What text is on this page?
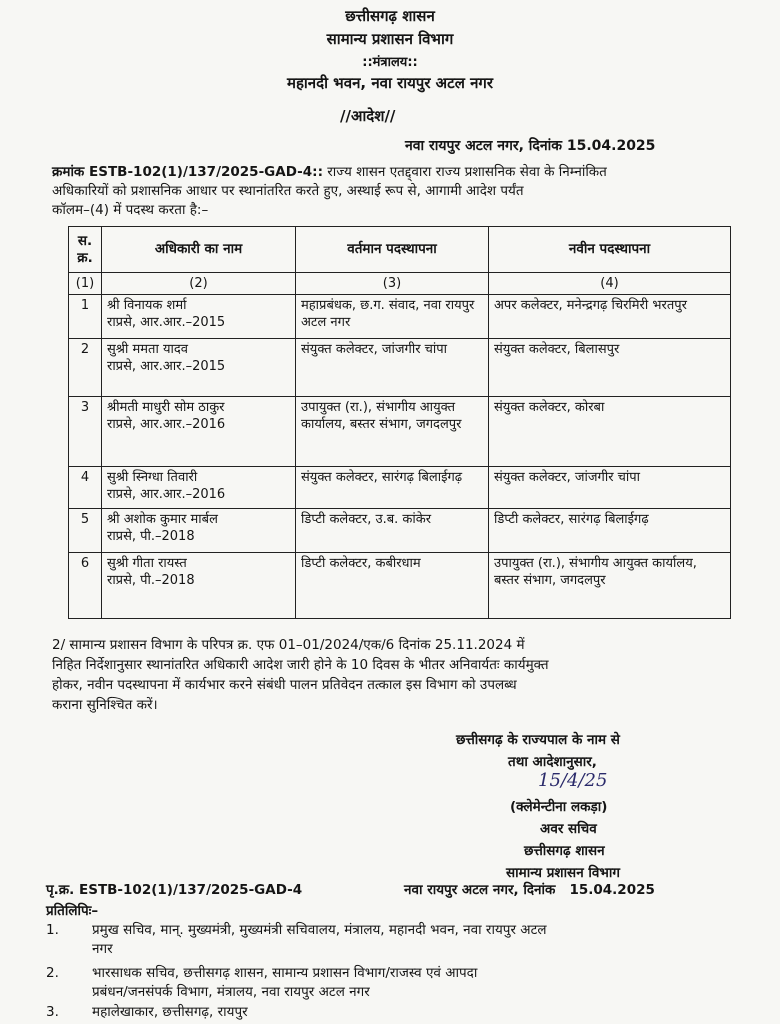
छत्तीसगढ़ शासन
सामान्य प्रशासन विभाग
::मंत्रालय::
महानदी भवन, नवा रायपुर अटल नगर
//आदेश//
नवा रायपुर अटल नगर, दिनांक 15.04.2025
क्रमांक ESTB-102(1)/137/2025-GAD-4:: राज्य शासन एतद्द्वारा राज्य प्रशासनिक सेवा के निम्नांकित
अधिकारियों को प्रशासनिक आधार पर स्थानांतरित करते हुए, अस्थाई रूप से, आगामी आदेश पर्यंत
कॉलम–(4) में पदस्थ करता है:–
स. क्र.	अधिकारी का नाम	वर्तमान पदस्थापना	नवीन पदस्थापना
(1)	(2)	(3)	(4)
1	श्री विनायक शर्मा
राप्रसे, आर.आर.–2015	महाप्रबंधक, छ.ग. संवाद, नवा रायपुर अटल नगर	अपर कलेक्टर, मनेन्द्रगढ़ चिरमिरी भरतपुर
2	सुश्री ममता यादव
राप्रसे, आर.आर.–2015	संयुक्त कलेक्टर, जांजगीर चांपा	संयुक्त कलेक्टर, बिलासपुर
3	श्रीमती माधुरी सोम ठाकुर
राप्रसे, आर.आर.–2016	उपायुक्त (रा.), संभागीय आयुक्त कार्यालय, बस्तर संभाग, जगदलपुर	संयुक्त कलेक्टर, कोरबा
4	सुश्री स्निग्धा तिवारी
राप्रसे, आर.आर.–2016	संयुक्त कलेक्टर, सारंगढ़ बिलाईगढ़	संयुक्त कलेक्टर, जांजगीर चांपा
5	श्री अशोक कुमार मार्बल
राप्रसे, पी.–2018	डिप्टी कलेक्टर, उ.ब. कांकेर	डिप्टी कलेक्टर, सारंगढ़ बिलाईगढ़
6	सुश्री गीता रायस्त
राप्रसे, पी.–2018	डिप्टी कलेक्टर, कबीरधाम	उपायुक्त (रा.), संभागीय आयुक्त कार्यालय, बस्तर संभाग, जगदलपुर
2/ सामान्य प्रशासन विभाग के परिपत्र क्र. एफ 01–01/2024/एक/6 दिनांक 25.11.2024 में
निहित निर्देशानुसार स्थानांतरित अधिकारी आदेश जारी होने के 10 दिवस के भीतर अनिवार्यतः कार्यमुक्त
होकर, नवीन पदस्थापना में कार्यभार करने संबंधी पालन प्रतिवेदन तत्काल इस विभाग को उपलब्ध
कराना सुनिश्चित करें।
छत्तीसगढ़ के राज्यपाल के नाम से
तथा आदेशानुसार,
15/4/25
(क्लेमेन्टीना लकड़ा)
अवर सचिव
छत्तीसगढ़ शासन
सामान्य प्रशासन विभाग
पृ.क्र. ESTB-102(1)/137/2025-GAD-4	नवा रायपुर अटल नगर, दिनांक   15.04.2025
प्रतिलिपिः–
1. प्रमुख सचिव, मान्. मुख्यमंत्री, मुख्यमंत्री सचिवालय, मंत्रालय, महानदी भवन, नवा रायपुर अटल
नगर
2. भारसाधक सचिव, छत्तीसगढ़ शासन, सामान्य प्रशासन विभाग/राजस्व एवं आपदा
प्रबंधन/जनसंपर्क विभाग, मंत्रालय, नवा रायपुर अटल नगर
3. महालेखाकार, छत्तीसगढ़, रायपुर
